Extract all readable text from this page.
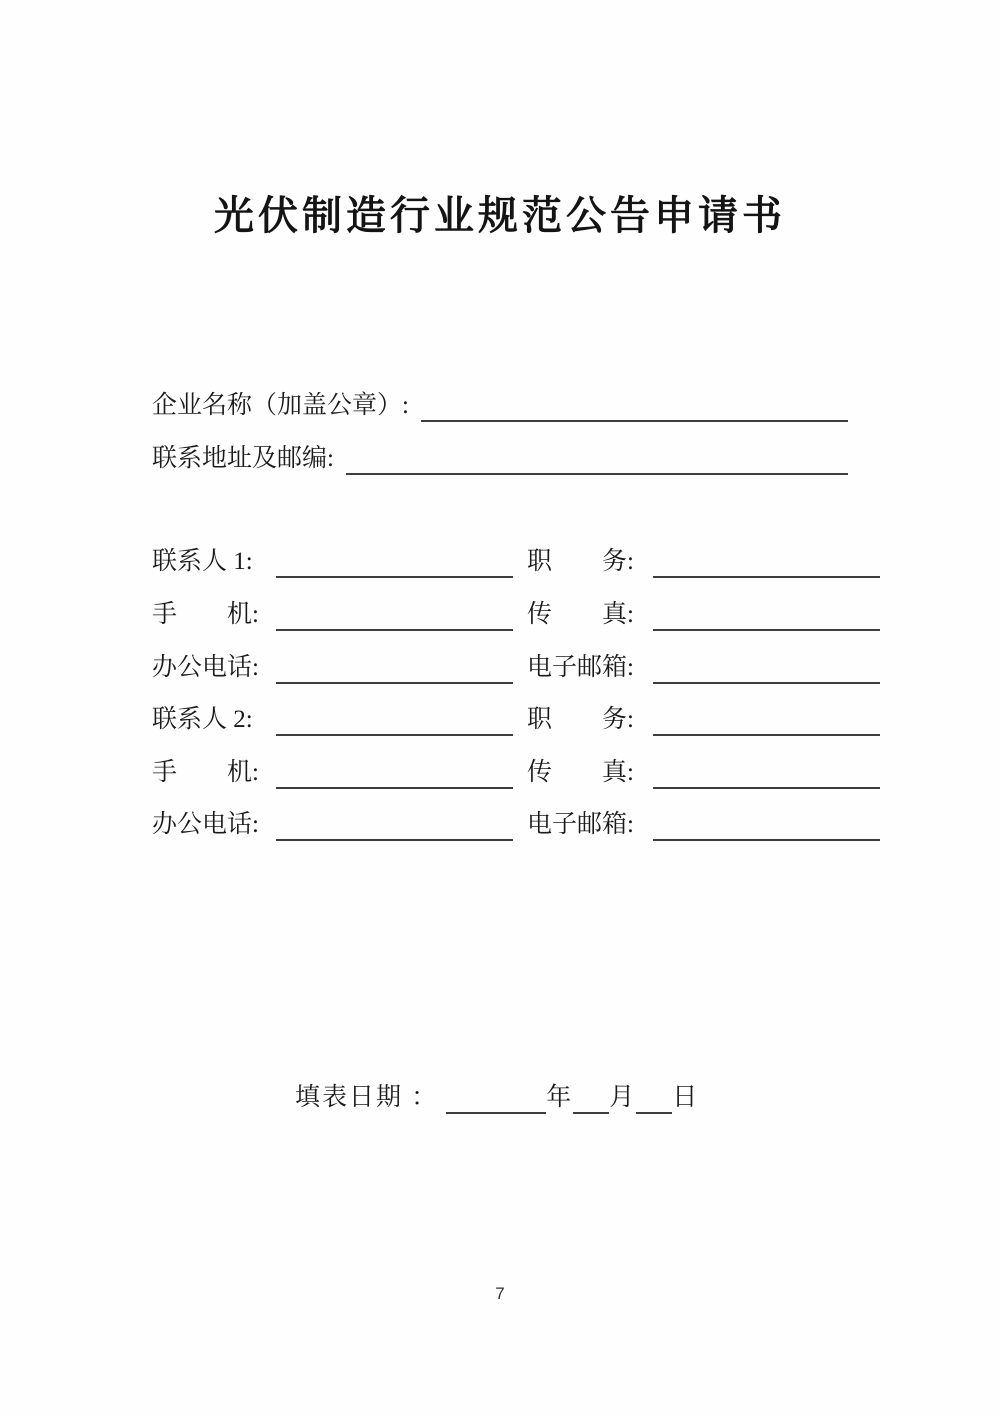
光伏制造行业规范公告申请书
企业名称（加盖公章）:
联系地址及邮编:
联系人 1:	职　　务:
手　　机:	传　　真:
办公电话:	电子邮箱:
联系人 2:	职　　务:
手　　机:	传　　真:
办公电话:	电子邮箱:
填表日期 ：	年 月 日
7
